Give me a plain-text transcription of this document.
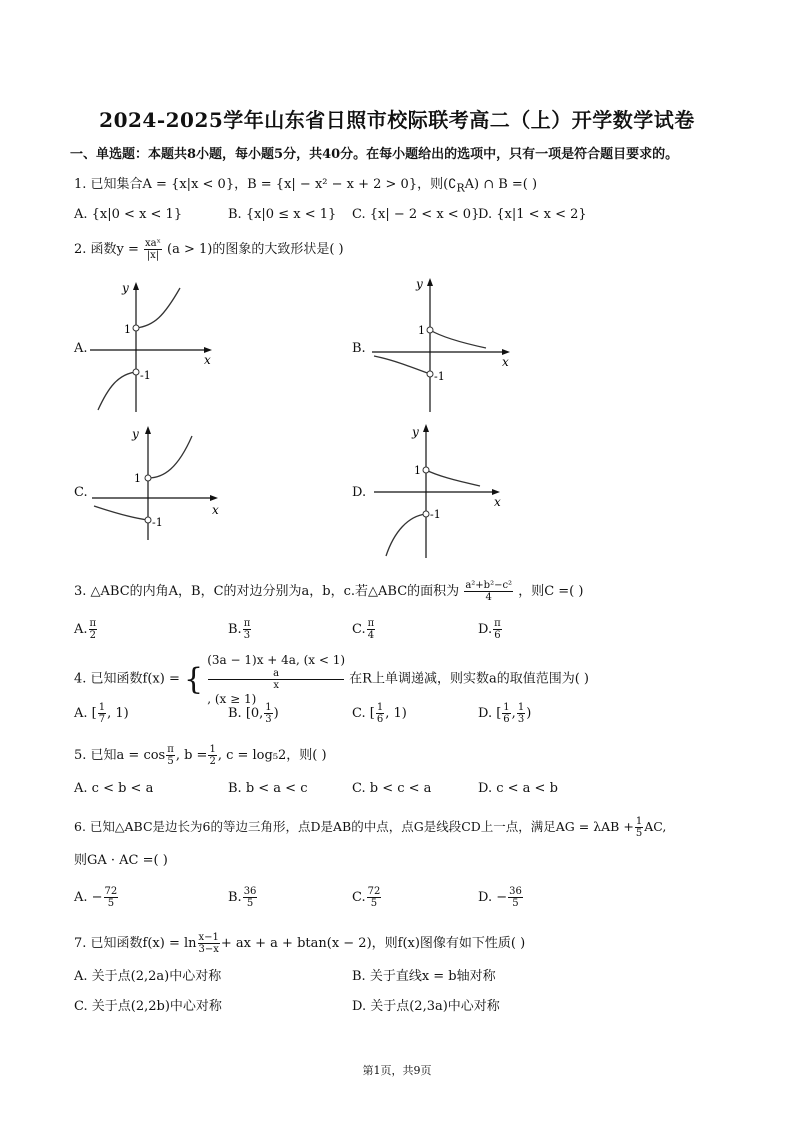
2024-2025学年山东省日照市校际联考高二（上）开学数学试卷
一、单选题：本题共8小题，每小题5分，共40分。在每小题给出的选项中，只有一项是符合题目要求的。
1. 已知集合A = {x|x < 0}，B = {x| − x² − x + 2 > 0}，则$(∁_RA)$ ∩ B =( )
A. {x|0 < x < 1}	B. {x|0 ≤ x < 1} C. {x| − 2 < x < 0}
D. {x|1 < x < 2}
2. 函数$y = \frac{\text{xaˣ}}{|x|} (a > 1)$的图象的大致形状是( )
A.
x
y
1
-1
B.
x
y
1
-1
C.
x
y
1
-1
D.
x
y
1
-1
3. △ABC的内角A，B，C的对边分别为a，b，c.若△ABC的面积为 $\frac{\text{a²+b²−c²}}{4}$ ，则C =( )
A. $\frac{\pi}{2}$	B. $\frac{\pi}{3}$	C. $\frac{\pi}{4}$	D. $\frac{\pi}{6}$
4. 已知函数f(x) = {
(3a − 1)x + 4a, (x < 1)
a
x
, (x ≥ 1)
在R上单调递减，则实数a的取值范围为( )
A. [ $\frac{1}{7}$ , 1)	B. [0, $\frac{1}{3}$ )	C. [ $\frac{1}{6}$ , 1)	D. [ $\frac{1}{6}$ , $\frac{1}{3}$ )
5. 已知$a = \cos \frac{\pi}{5}$ , $b = \frac{1}{2}$ , c = log₅2，则( )
A. c < b < a	B. b < a < c	C. b < c < a	D. c < a < b
6. 已知△ABC是边长为6的等边三角形，点D是AB的中点，点G是线段CD上一点，满足AG = $\lambda AB + \frac{1}{5}$ AC,
则GA · AC =( )
A. − $\frac{72}{5}$	B. $\frac{36}{5}$	C. $\frac{72}{5}$	D. − $\frac{36}{5}$
7. 已知函数$f(x) = \ln \frac{x-1}{3-x}$ + ax + a + btan(x − 2)，则f(x)图像有如下性质( )
A. 关于点(2,2a)中心对称	B. 关于直线x = b轴对称
C. 关于点(2,2b)中心对称	D. 关于点(2,3a)中心对称
第1页，共9页
